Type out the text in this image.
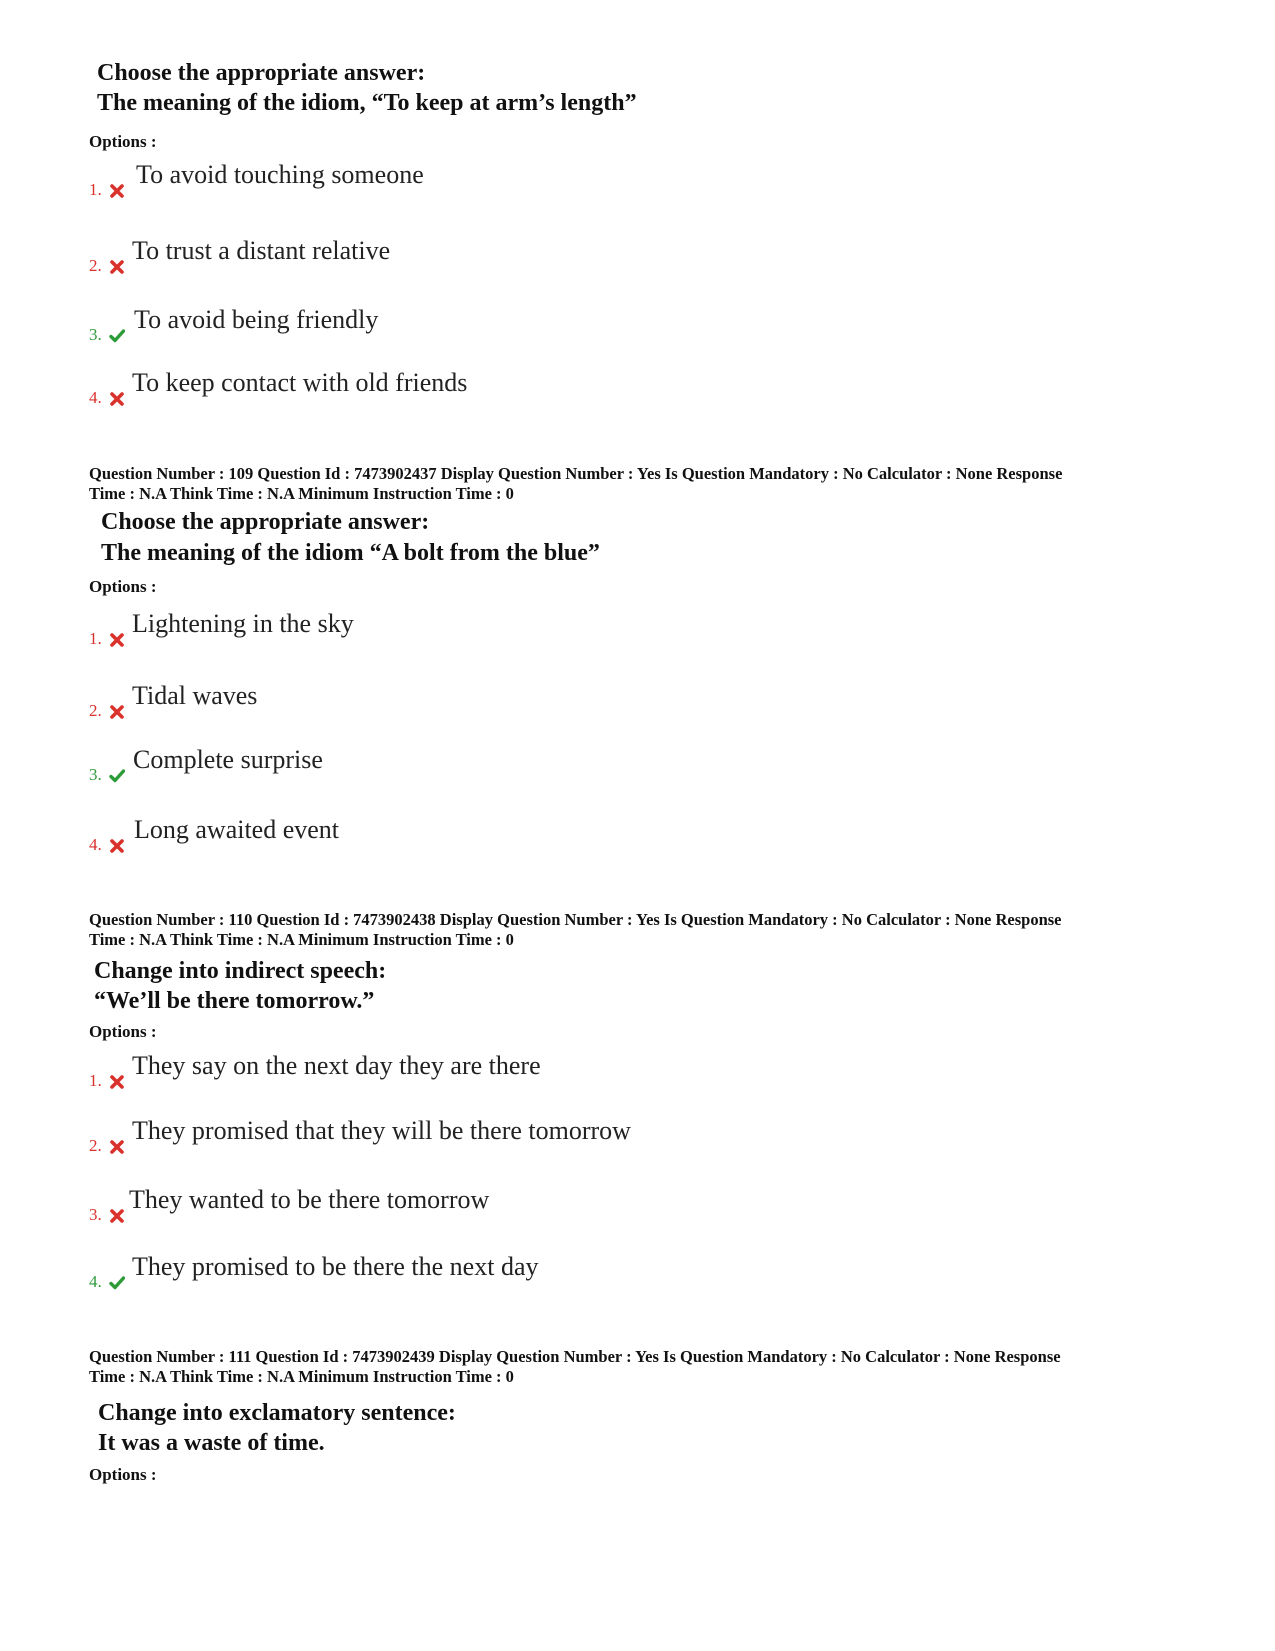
Choose the appropriate answer:
The meaning of the idiom, “To keep at arm’s length”
Options :
1.
To avoid touching someone
2.
To trust a distant relative
3.
To avoid being friendly
4.
To keep contact with old friends
Question Number : 109 Question Id : 7473902437 Display Question Number : Yes Is Question Mandatory : No Calculator : None Response
Time : N.A Think Time : N.A Minimum Instruction Time : 0
Choose the appropriate answer:
The meaning of the idiom “A bolt from the blue”
Options :
1.
Lightening in the sky
2.
Tidal waves
3.
Complete surprise
4.
Long awaited event
Question Number : 110 Question Id : 7473902438 Display Question Number : Yes Is Question Mandatory : No Calculator : None Response
Time : N.A Think Time : N.A Minimum Instruction Time : 0
Change into indirect speech:
“We’ll be there tomorrow.”
Options :
1.
They say on the next day they are there
2.
They promised that they will be there tomorrow
3.
They wanted to be there tomorrow
4.
They promised to be there the next day
Question Number : 111 Question Id : 7473902439 Display Question Number : Yes Is Question Mandatory : No Calculator : None Response
Time : N.A Think Time : N.A Minimum Instruction Time : 0
Change into exclamatory sentence:
It was a waste of time.
Options :
